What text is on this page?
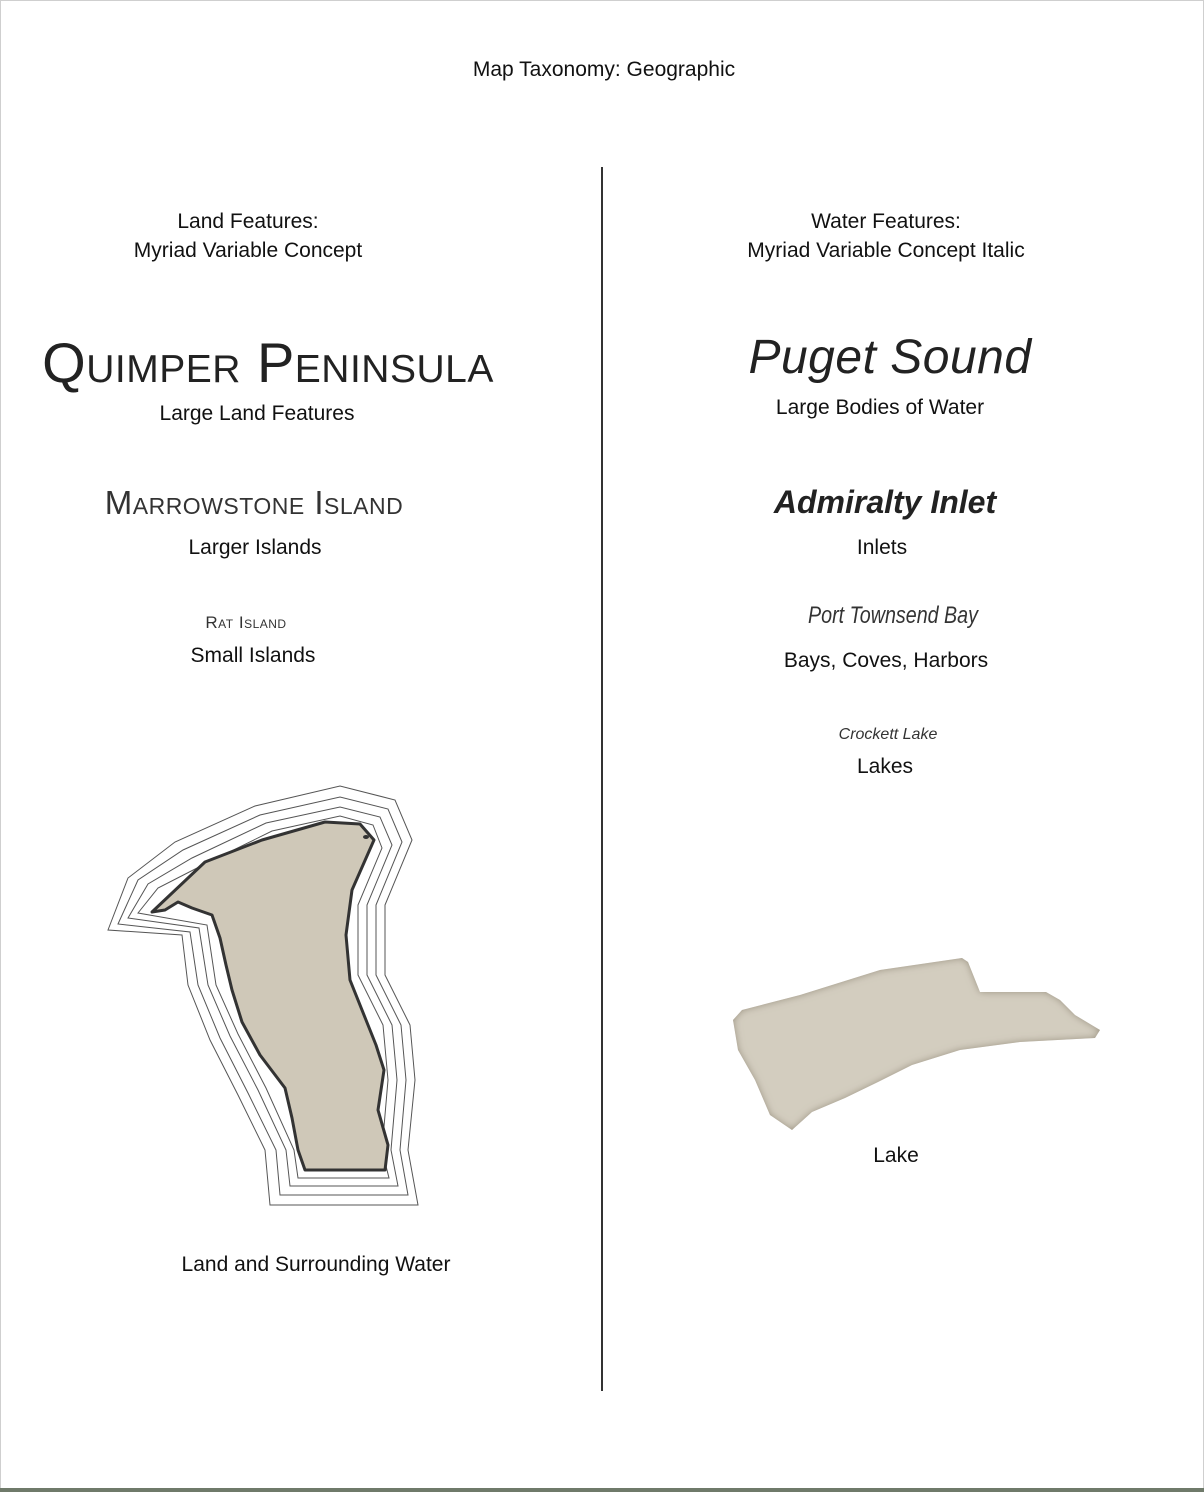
Map Taxonomy: Geographic
Land Features:
Myriad Variable Concept
Water Features:
Myriad Variable Concept Italic
Quimper Peninsula
Large Land Features
Marrowstone Island
Larger Islands
Rat Island
Small Islands
Puget Sound
Large Bodies of Water
Admiralty Inlet
Inlets
Port Townsend Bay
Bays, Coves, Harbors
Crockett Lake
Lakes
Land and Surrounding Water
Lake
